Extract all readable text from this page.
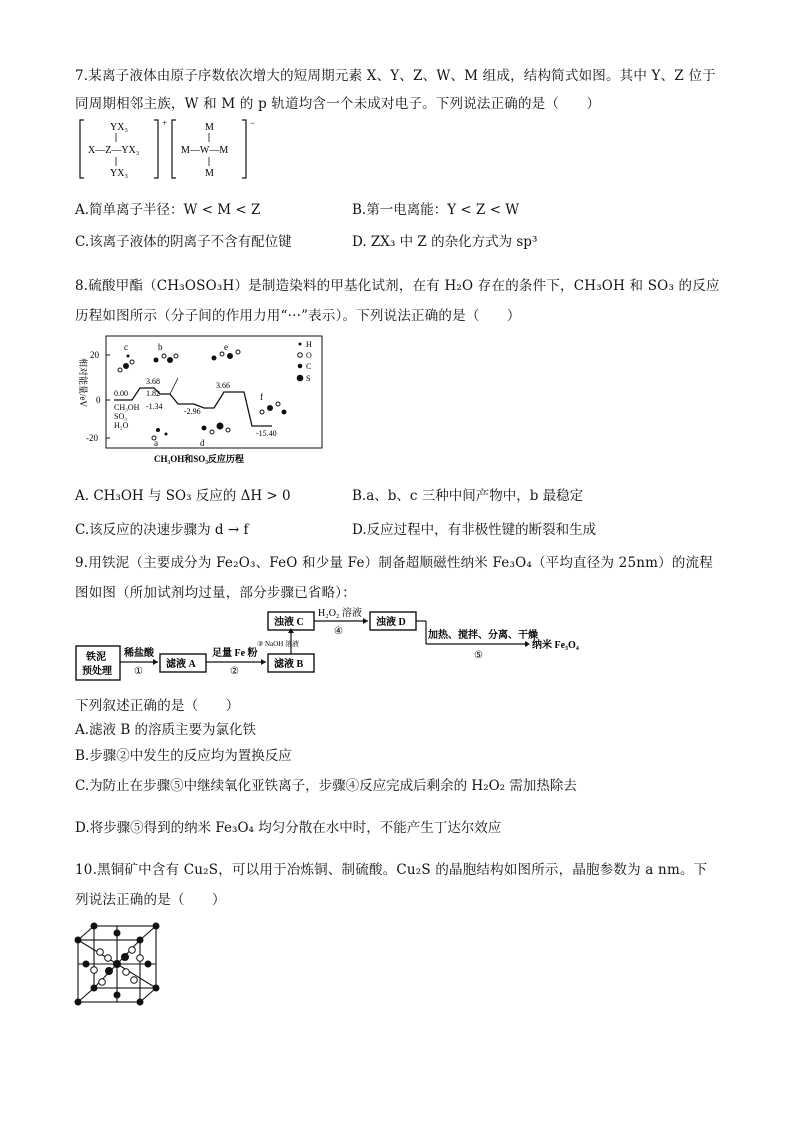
7.某离子液体由原子序数依次增大的短周期元素 X、Y、Z、W、M 组成，结构简式如图。其中 Y、Z 位于
同周期相邻主族，W 和 M 的 p 轨道均含一个未成对电子。下列说法正确的是（　　）
YX₃
X—Z—YX₃
YX₃
+	M
M—W—M
M
−
A.简单离子半径：W < M < Z	B.第一电离能：Y < Z < W
C.该离子液体的阴离子不含有配位键	D. ZX₃ 中 Z 的杂化方式为 sp³
8.硫酸甲酯（CH₃OSO₃H）是制造染料的甲基化试剂，在有 H₂O 存在的条件下，CH₃OH 和 SO₃ 的反应
历程如图所示（分子间的作用力用“···”表示）。下列说法正确的是（　　）
相对能量/eV
20
0
-20
0.00
3.68
1.82
-1.34
-2.96
3.66
-15.40
CH₃OH
SO₃
H₂O
c	b
a	d
e
f
H
O
C
S
CH₃OH和SO₃反应历程
A. CH₃OH 与 SO₃ 反应的 ΔH > 0	B.a、b、c 三种中间产物中，b 最稳定
C.该反应的决速步骤为 d → f	D.反应过程中，有非极性键的断裂和生成
9.用铁泥（主要成分为 Fe₂O₃、FeO 和少量 Fe）制备超顺磁性纳米 Fe₃O₄（平均直径为 25nm）的流程
图如图（所加试剂均过量，部分步骤已省略）：
铁泥
预处理
稀盐酸
①
滤液 A
足量 Fe 粉
②
滤液 B
③ NaOH 溶液
浊液 C
H₂O₂ 溶液
④
浊液 D
加热、搅拌、分离、干燥
⑤
纳米 Fe₃O₄
下列叙述正确的是（　　）
A.滤液 B 的溶质主要为氯化铁
B.步骤②中发生的反应均为置换反应
C.为防止在步骤⑤中继续氧化亚铁离子，步骤④反应完成后剩余的 H₂O₂ 需加热除去
D.将步骤⑤得到的纳米 Fe₃O₄ 均匀分散在水中时，不能产生丁达尔效应
10.黑铜矿中含有 Cu₂S，可以用于冶炼铜、制硫酸。Cu₂S 的晶胞结构如图所示，晶胞参数为 a nm。下
列说法正确的是（　　）
